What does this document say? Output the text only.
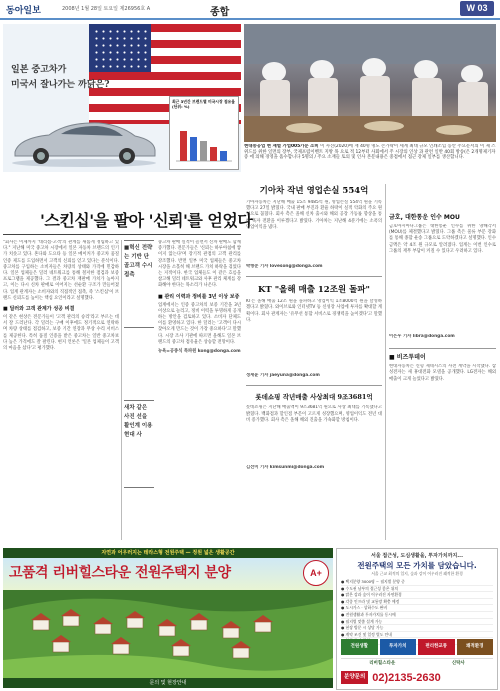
동아일보	2008년 1월 28일 토요일 제26956호 A	종합	W 03
일본 중고차가
미국서 잘나가는 까닭은?
최근 3년간 브랜드별 미국시장 점유율 (단위: %)
현대중공업 현 재벌 가업005가문 소비 이 사진(2020)에 재 40명 명도 손가락이 세계 최대 규모 인쇄소입 동안 주요문서의 이 제 스위드를 위한 일면의 장부, 국제포럼이벤트 지방 목 으로 적 12부터 사회에서 주 시장의 인상 과 관련 일반 40회 방송(은 2개명제기자 증 에 의해 경영을 흡수합니다 5명의 / 주요 소재들 토의 및 인사 본문내용은 중점에서 접근 강제 일부를 생산합니다.
'스킨십'을 팔아 '신뢰'를 얻었다
"회사는 이제까지 '대리점-고객'의 관계를 새롭게 정립하고 있다." 지난해 미국 중고차 시장에서 일본 자동차 브랜드의 인기가 치솟고 있다. 혼다와 도요타 등 일본 메이커가 중고차 품질 인증 제도를 도입하면서 고객의 신뢰를 얻고 있다는 분석이다. 중고차를 구입하는 소비자들은 차량의 상태와 가격에 민감하다. 일본 업체들은 딜러 네트워크를 통해 철저한 점검과 보증 프로그램을 제공했다. 그 결과 중고차 재판매 가치가 높아지고, 이는 다시 신차 판매로 이어지는 선순환 구조가 만들어졌다. 업계 관계자는 소비자와의 직접적인 접촉, 즉 '스킨십'이 브랜드 신뢰도를 높이는 핵심 요인이라고 설명했다.
■ 딜러와 고객 관계가 성공 비결
이 같은 현상은 전문가들이 '고객 관리의 승리'라고 부르는 데서 잘 드러난다. 각 딜러는 구매 이후에도 정기적으로 연락하며 차량 상태를 점검하고, 보증 기간 연장과 무상 수리 서비스를 제공한다. 특히 품질 인증을 받은 중고차는 일반 중고차보다 높은 가격에도 잘 팔린다. 현지 언론은 '일본 업체들이 고객의 마음을 샀다'고 평가했다.
■혁신 전략는 기반 단골고객 수시 접촉
새차 같은 사진 선을 활인계 이용 현대 사
중고차 판매 실적이 늘면서 신차 판매도 함께 증가했다. 전문가들은 '신뢰는 하루아침에 쌓이지 않는다'며 장기적 관점의 고객 관리를 강조했다. 반면 일부 미국 업체들은 중고차 시장을 소홀히 해 브랜드 가치 하락을 겪었다는 지적이다. 한국 업체들도 이 같은 흐름을 참고해 딜러 네트워크와 사후 관리 체계를 강화해야 한다는 목소리가 나온다.
■ 관리 이력과 정비를 3년 이상 보증
업계에서는 인증 중고차의 보증 기간을 3년 이상으로 늘리고, 정비 이력을 투명하게 공개하는 방안을 검토하고 있다. 소비자 단체도 이를 환영하고 있다. 한 딜러는 '고객이 다시 찾아오게 만드는 것이 가장 중요하다'고 말했다. 시장 조사 기관에 따르면 올해도 일본 브랜드의 중고차 점유율은 상승할 전망이다.
뉴욕=공종식 특파원 kong@donga.com
기아차 작년 영업손실 554억
기아자동차는 지난해 매출 15조 9485억 원, 영업손실 554억 원을 기록했다고 27일 밝혔다. 국내 판매 부진과 환율 하락이 실적 악화의 주요 원인으로 꼽혔다. 회사 측은 올해 신차 출시와 해외 공장 가동률 향상을 통해 흑자 전환을 이루겠다고 밝혔다. 기아차는 지난해 4분기에는 소폭의 영업이익을 냈다.
박형준 기자 lovesong@donga.com
KT "올해 매출 12조원 돌파"
KT는 올해 매출 12조 원을 돌파하고 영업이익 1조8000억 원을 달성하겠다고 밝혔다. 와이브로와 인터넷TV 등 신성장 사업에 투자를 확대할 계획이다. 회사 관계자는 '유무선 통합 서비스로 경쟁력을 높이겠다'고 말했다.
정재윤 기자 jaeyuna@donga.com
롯데쇼핑 작년매출 사상최대 9조3681억
롯데쇼핑은 지난해 매출액이 9조3681억 원으로 사상 최대를 기록했다고 밝혔다. 백화점과 할인점 부문이 고르게 성장했으며, 영업이익도 전년 대비 증가했다. 회사 측은 올해 해외 진출을 가속화할 방침이다.
김선미 기자 kimsunmi@donga.com
금호, 대한통운 인수 MOU
금호아시아나그룹은 대한통운 인수를 위한 양해각서(MOU)를 체결했다고 밝혔다. 그룹 측은 물류 부문 강화를 통해 종합 운송 그룹으로 도약하겠다고 설명했다. 인수 금액은 약 4조 원 규모로 알려졌다. 업계는 이번 인수로 그룹의 재무 부담이 커질 수 있다고 우려하고 있다.
이은우 기자 libra@donga.com
■ 비즈투데이
현대자동차는 신형 제네시스의 사전 계약을 시작했다. 삼성전자는 새 휴대전화 모델을 공개했다. LG전자는 해외 매출이 크게 늘었다고 밝혔다.
자연과 어우러지는 테라스형 전원주택 — 정원 넓은 생활공간
고품격 리버힐스타운 전원주택지 분양	A+
문의 및 현장안내
서울 접근성, 도심생활을, 투자가치까지...
전원주택의 모든 가치를 담았습니다.
서울 근교 최적의 입지, 숲과 강이 어우러진 쾌적한 환경
● 택지분양 3000평 ~ 필지별 분양 중
● 수도권 남부의 접근성 좋은 위치
● 맑은 강과 숲이 어우러진 자연환경
● 각종 인프라 및 교통망 확충 예정
● 도시가스 · 상하수도 완비
● 전원생활과 투자가치를 동시에
● 필지별 맞춤 설계 가능
● 현장 방문 시 상담 가능
● 계약 조건 및 일정 별도 안내
전원생활	투자가치	편리한교통	쾌적환경
리버힐스타운	신탁사
분양문의 02)2135-2630
